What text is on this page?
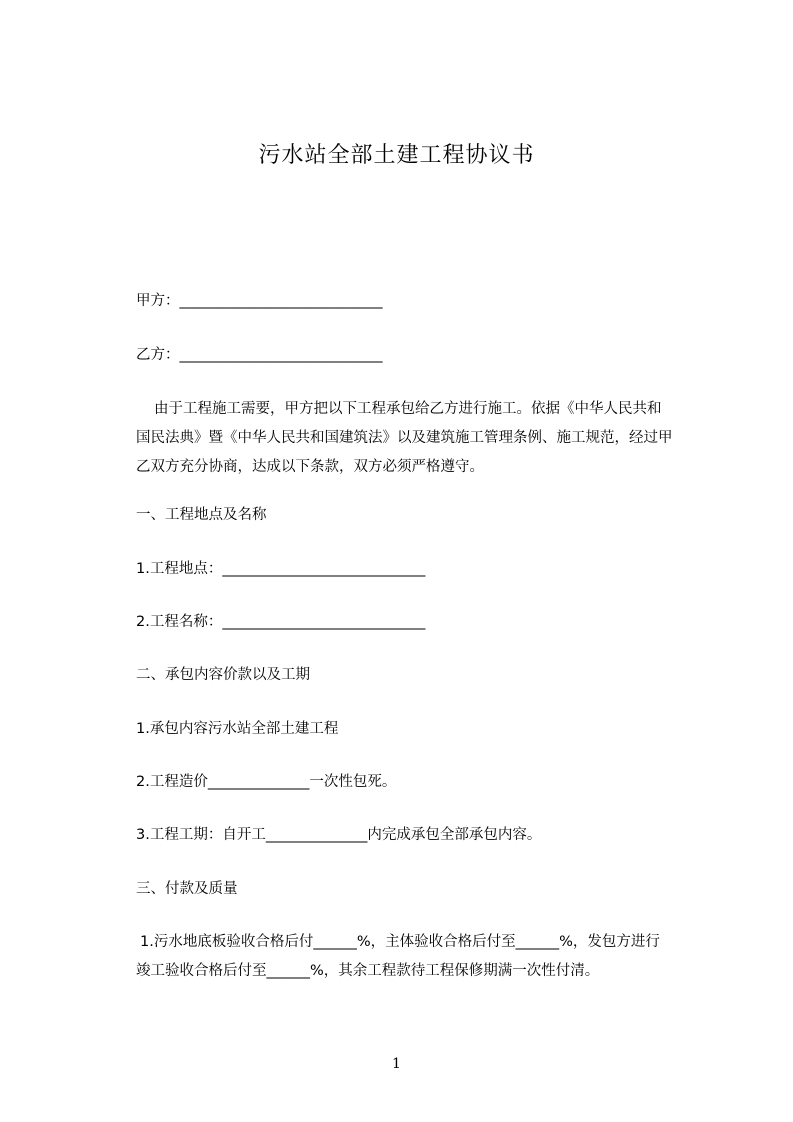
污水站全部土建工程协议书
甲方：____________________________
乙方：____________________________
由于工程施工需要，甲方把以下工程承包给乙方进行施工。依据《中华人民共和
国民法典》暨《中华人民共和国建筑法》以及建筑施工管理条例、施工规范，经过甲
乙双方充分协商，达成以下条款，双方必须严格遵守。
一、工程地点及名称
1.工程地点：____________________________
2.工程名称：____________________________
二、承包内容价款以及工期
1.承包内容污水站全部土建工程
2.工程造价______________一次性包死。
3.工程工期：自开工______________内完成承包全部承包内容。
三、付款及质量
1.污水地底板验收合格后付______%，主体验收合格后付至______%，发包方进行
竣工验收合格后付至______%，其余工程款待工程保修期满一次性付清。
1
